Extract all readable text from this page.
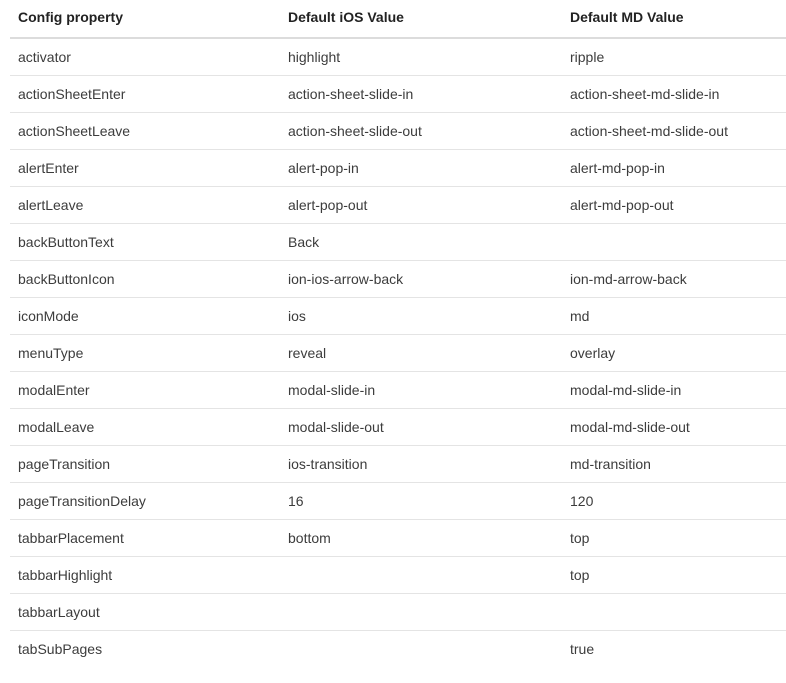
Config property	Default iOS Value	Default MD Value
activator	highlight	ripple
actionSheetEnter	action-sheet-slide-in	action-sheet-md-slide-in
actionSheetLeave	action-sheet-slide-out	action-sheet-md-slide-out
alertEnter	alert-pop-in	alert-md-pop-in
alertLeave	alert-pop-out	alert-md-pop-out
backButtonText	Back	
backButtonIcon	ion-ios-arrow-back	ion-md-arrow-back
iconMode	ios	md
menuType	reveal	overlay
modalEnter	modal-slide-in	modal-md-slide-in
modalLeave	modal-slide-out	modal-md-slide-out
pageTransition	ios-transition	md-transition
pageTransitionDelay	16	120
tabbarPlacement	bottom	top
tabbarHighlight		top
tabbarLayout		
tabSubPages		true
